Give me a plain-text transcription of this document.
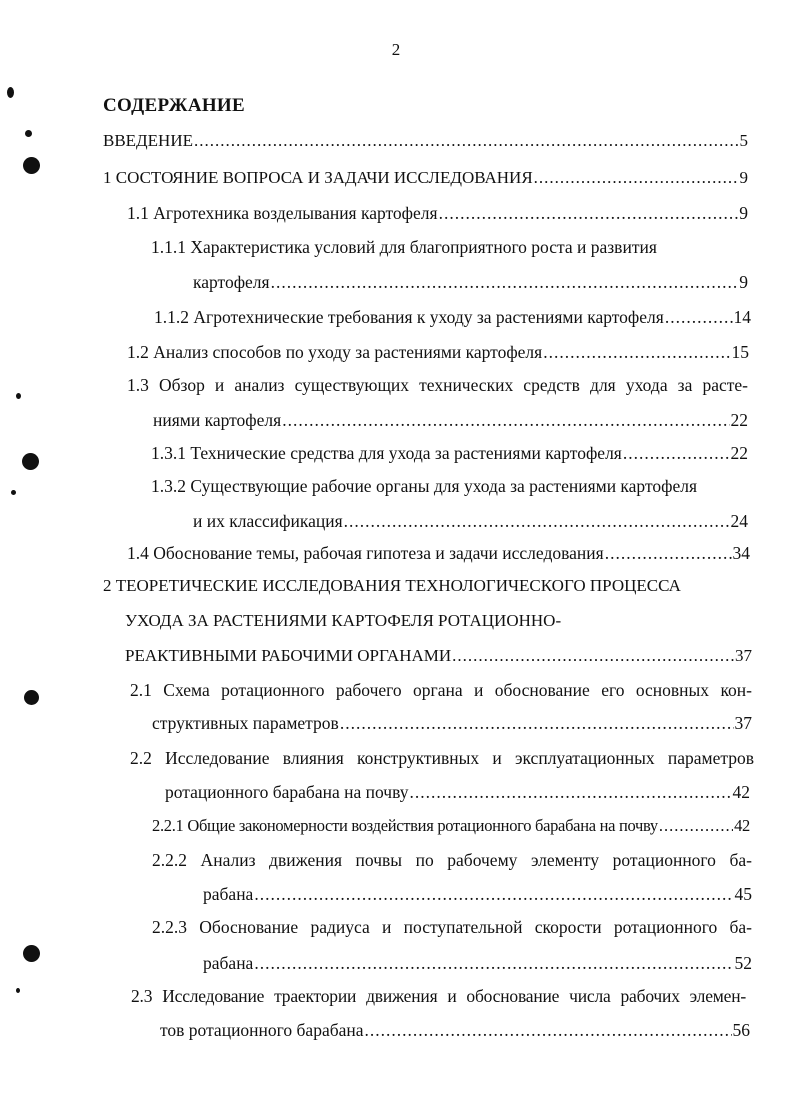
2
СОДЕРЖАНИЕ
ВВЕДЕНИЕ .....	5
1 СОСТОЯНИЕ ВОПРОСА И ЗАДАЧИ ИССЛЕДОВАНИЯ .....	9
1.1 Агротехника возделывания картофеля .....	9
1.1.1 Характеристика условий для благоприятного роста и развития
картофеля .....	9
1.1.2 Агротехнические требования к уходу за растениями картофеля .....	14
1.2 Анализ способов по уходу за растениями картофеля .....	15
1.3 Обзор и анализ существующих технических средств для ухода за расте-
ниями картофеля .....	22
1.3.1 Технические средства для ухода за растениями картофеля .....	22
1.3.2 Существующие рабочие органы для ухода за растениями картофеля
и их классификация .....	24
1.4 Обоснование темы, рабочая гипотеза и задачи исследования .....	34
2 ТЕОРЕТИЧЕСКИЕ ИССЛЕДОВАНИЯ ТЕХНОЛОГИЧЕСКОГО ПРОЦЕССА
УХОДА ЗА РАСТЕНИЯМИ КАРТОФЕЛЯ РОТАЦИОННО-
РЕАКТИВНЫМИ РАБОЧИМИ ОРГАНАМИ .....	37
2.1 Схема ротационного рабочего органа и обоснование его основных кон-
структивных параметров .....	37
2.2 Исследование влияния конструктивных и эксплуатационных параметров
ротационного барабана на почву .....	42
2.2.1 Общие закономерности воздействия ротационного барабана на почву .....	42
2.2.2 Анализ движения почвы по рабочему элементу ротационного ба-
рабана .....	45
2.2.3 Обоснование радиуса и поступательной скорости ротационного ба-
рабана .....	52
2.3 Исследование траектории движения и обоснование числа рабочих элемен-
тов ротационного барабана .....	56
